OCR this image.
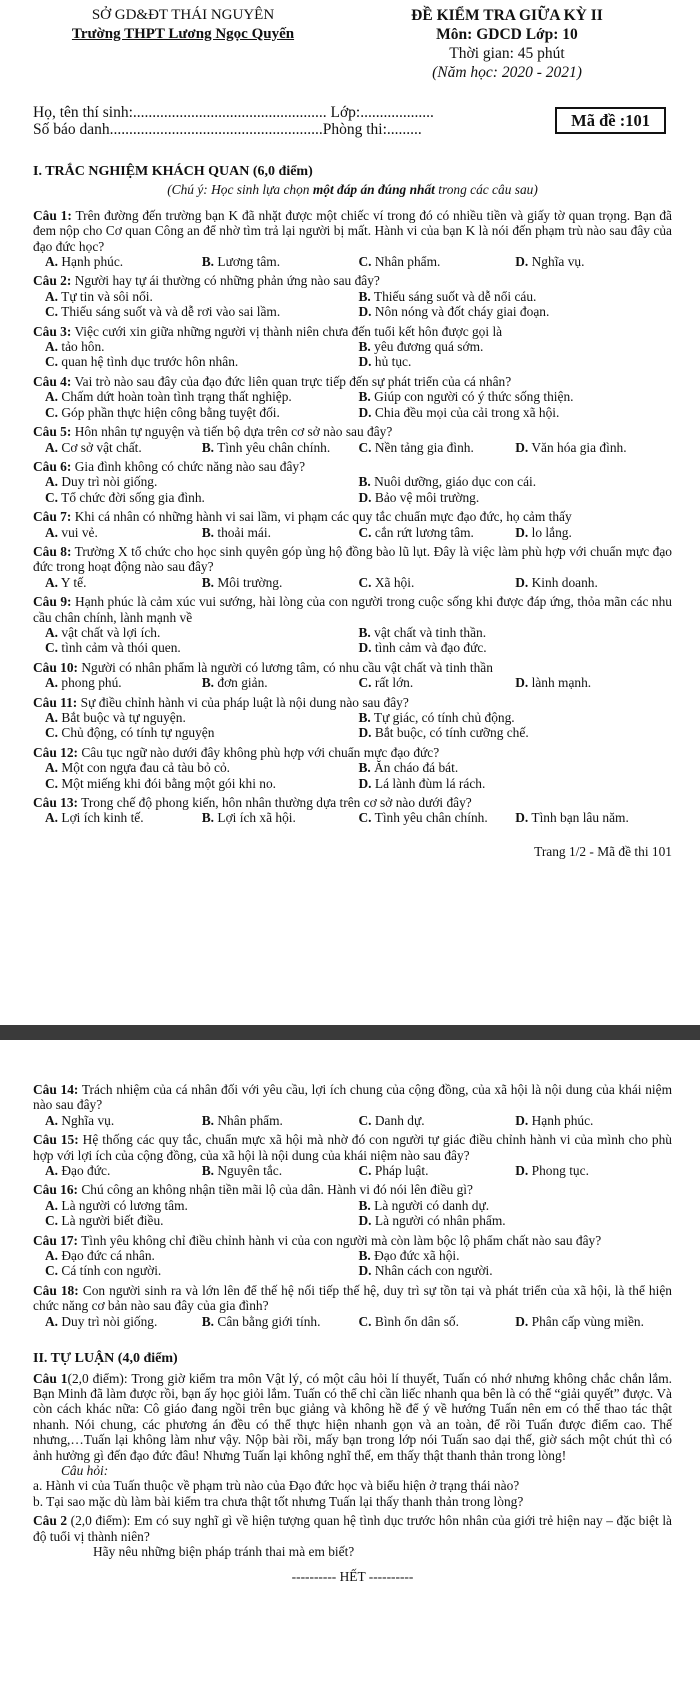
SỞ GD&ĐT THÁI NGUYÊN
Trường THPT Lương Ngọc Quyến
ĐỀ KIỂM TRA GIỮA KỲ II
Môn: GDCD Lớp: 10
Thời gian: 45 phút
(Năm học: 2020 - 2021)
Họ, tên thí sinh:.................................................. Lớp:...................
Số báo danh.......................................................Phòng thi:.........	Mã đề :101
I. TRẮC NGHIỆM KHÁCH QUAN (6,0 điểm)
(Chú ý: Học sinh lựa chọn một đáp án đúng nhất trong các câu sau)
Câu 1: Trên đường đến trường bạn K đã nhặt được một chiếc ví trong đó có nhiều tiền và giấy tờ quan trọng. Bạn đã đem nộp cho Cơ quan Công an để nhờ tìm trả lại người bị mất. Hành vi của bạn K là nói đến phạm trù nào sau đây của đạo đức học?
A. Hạnh phúc.	B. Lương tâm.	C. Nhân phẩm.	D. Nghĩa vụ.
Câu 2: Người hay tự ái thường có những phản ứng nào sau đây?
A. Tự tin và sôi nổi.	B. Thiếu sáng suốt và dễ nổi cáu.
C. Thiếu sáng suốt và và dễ rơi vào sai lầm.	D. Nôn nóng và đốt cháy giai đoạn.
Câu 3: Việc cưới xin giữa những người vị thành niên chưa đến tuổi kết hôn được gọi là
A. tảo hôn.	B. yêu đương quá sớm.
C. quan hệ tình dục trước hôn nhân.	D. hủ tục.
Câu 4: Vai trò nào sau đây của đạo đức liên quan trực tiếp đến sự phát triển của cá nhân?
A. Chấm dứt hoàn toàn tình trạng thất nghiệp.	B. Giúp con người có ý thức sống thiện.
C. Góp phần thực hiện công bằng tuyệt đối.	D. Chia đều mọi của cải trong xã hội.
Câu 5: Hôn nhân tự nguyện và tiến bộ dựa trên cơ sở nào sau đây?
A. Cơ sở vật chất.	B. Tình yêu chân chính.	C. Nền tảng gia đình.	D. Văn hóa gia đình.
Câu 6: Gia đình không có chức năng nào sau đây?
A. Duy trì nòi giống.	B. Nuôi dưỡng, giáo dục con cái.
C. Tổ chức đời sống gia đình.	D. Bảo vệ môi trường.
Câu 7: Khi cá nhân có những hành vi sai lầm, vi phạm các quy tắc chuẩn mực đạo đức, họ cảm thấy
A. vui vẻ.	B. thoải mái.	C. cắn rứt lương tâm.	D. lo lắng.
Câu 8: Trường X tổ chức cho học sinh quyên góp ủng hộ đồng bào lũ lụt. Đây là việc làm phù hợp với chuẩn mực đạo đức trong hoạt động nào sau đây?
A. Y tế.	B. Môi trường.	C. Xã hội.	D. Kinh doanh.
Câu 9: Hạnh phúc là cảm xúc vui sướng, hài lòng của con người trong cuộc sống khi được đáp ứng, thỏa mãn các nhu cầu chân chính, lành mạnh về
A. vật chất và lợi ích.	B. vật chất và tinh thần.
C. tình cảm và thói quen.	D. tình cảm và đạo đức.
Câu 10: Người có nhân phẩm là người có lương tâm, có nhu cầu vật chất và tinh thần
A. phong phú.	B. đơn giản.	C. rất lớn.	D. lành mạnh.
Câu 11: Sự điều chỉnh hành vi của pháp luật là nội dung nào sau đây?
A. Bắt buộc và tự nguyện.	B. Tự giác, có tính chủ động.
C. Chủ động, có tính tự nguyện	D. Bắt buộc, có tính cưỡng chế.
Câu 12: Câu tục ngữ nào dưới đây không phù hợp với chuẩn mực đạo đức?
A. Một con ngựa đau cả tàu bỏ cỏ.	B. Ăn cháo đá bát.
C. Một miếng khi đói bằng một gói khi no.	D. Lá lành đùm lá rách.
Câu 13: Trong chế độ phong kiến, hôn nhân thường dựa trên cơ sở nào dưới đây?
A. Lợi ích kinh tế.	B. Lợi ích xã hội.	C. Tình yêu chân chính.	D. Tình bạn lâu năm.
Trang 1/2 - Mã đề thi 101
Câu 14: Trách nhiệm của cá nhân đối với yêu cầu, lợi ích chung của cộng đồng, của xã hội là nội dung của khái niệm nào sau đây?
A. Nghĩa vụ.	B. Nhân phẩm.	C. Danh dự.	D. Hạnh phúc.
Câu 15: Hệ thống các quy tắc, chuẩn mực xã hội mà nhờ đó con người tự giác điều chỉnh hành vi của mình cho phù hợp với lợi ích của cộng đồng, của xã hội là nội dung của khái niệm nào sau đây?
A. Đạo đức.	B. Nguyên tắc.	C. Pháp luật.	D. Phong tục.
Câu 16: Chú công an không nhận tiền mãi lộ của dân. Hành vi đó nói lên điều gì?
A. Là người có lương tâm.	B. Là người có danh dự.
C. Là người biết điều.	D. Là người có nhân phẩm.
Câu 17: Tình yêu không chỉ điều chỉnh hành vi của con người mà còn làm bộc lộ phẩm chất nào sau đây?
A. Đạo đức cá nhân.	B. Đạo đức xã hội.
C. Cá tính con người.	D. Nhân cách con người.
Câu 18: Con người sinh ra và lớn lên để thế hệ nối tiếp thế hệ, duy trì sự tồn tại và phát triển của xã hội, là thể hiện chức năng cơ bản nào sau đây của gia đình?
A. Duy trì nòi giống.	B. Cân bằng giới tính.	C. Bình ổn dân số.	D. Phân cấp vùng miền.
II. TỰ LUẬN (4,0 điểm)
Câu 1(2,0 điểm): Trong giờ kiểm tra môn Vật lý, có một câu hỏi lí thuyết, Tuấn có nhớ nhưng không chắc chắn lắm. Bạn Minh đã làm được rồi, bạn ấy học giỏi lắm. Tuấn có thể chỉ cần liếc nhanh qua bên là có thể “giải quyết” được. Và còn cách khác nữa: Cô giáo đang ngồi trên bục giảng và không hề để ý về hướng Tuấn nên em có thể thao tác thật nhanh. Nói chung, các phương án đều có thể thực hiện nhanh gọn và an toàn, để rồi Tuấn được điểm cao. Thế nhưng,…Tuấn lại không làm như vậy. Nộp bài rồi, mấy bạn trong lớp nói Tuấn sao dại thế, giờ sách một chút thì có ảnh hưởng gì đến đạo đức đâu! Nhưng Tuấn lại không nghĩ thế, em thấy thật thanh thản trong lòng!
Câu hỏi:
a. Hành vi của Tuấn thuộc về phạm trù nào của Đạo đức học và biểu hiện ở trạng thái nào?
b. Tại sao mặc dù làm bài kiểm tra chưa thật tốt nhưng Tuấn lại thấy thanh thản trong lòng?
Câu 2 (2,0 điểm): Em có suy nghĩ gì về hiện tượng quan hệ tình dục trước hôn nhân của giới trẻ hiện nay – đặc biệt là độ tuổi vị thành niên?
Hãy nêu những biện pháp tránh thai mà em biết?
---------- HẾT ----------
